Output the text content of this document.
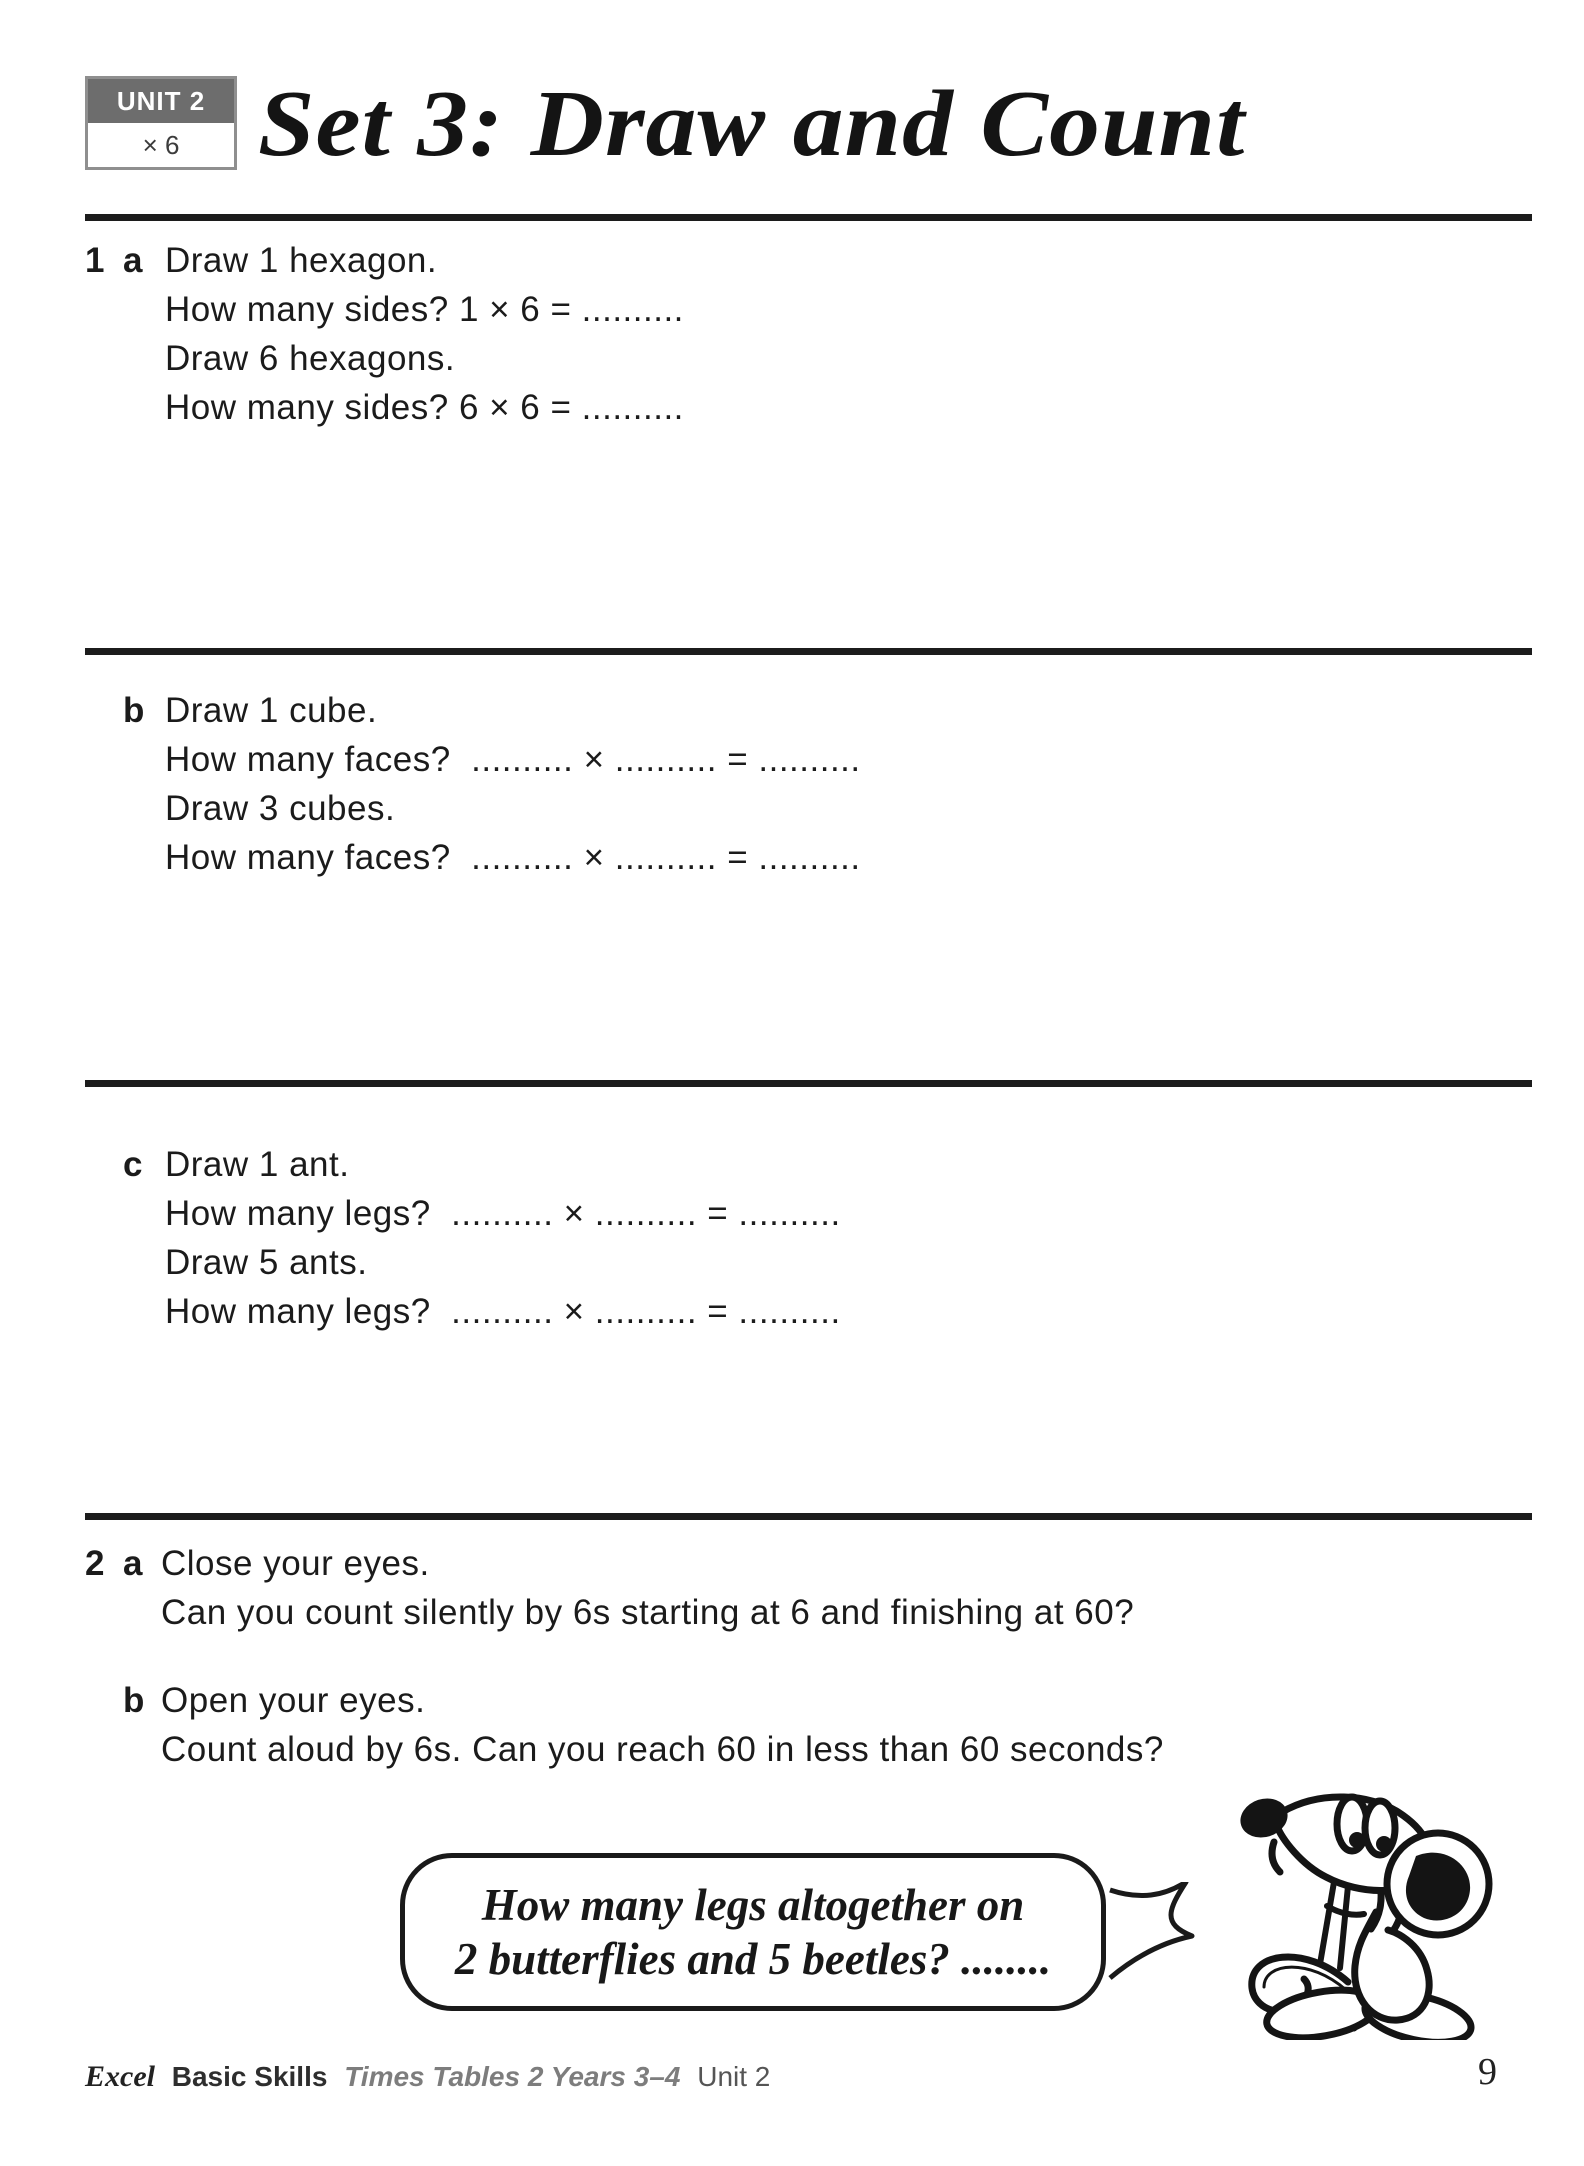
UNIT 2
× 6 Set 3: Draw and Count
1 a Draw 1 hexagon.
How many sides? 1 × 6 = ..........
Draw 6 hexagons.
How many sides? 6 × 6 = ..........
b Draw 1 cube.
How many faces?  .......... × .......... = ..........
Draw 3 cubes.
How many faces?  .......... × .......... = ..........
c Draw 1 ant.
How many legs?  .......... × .......... = ..........
Draw 5 ants.
How many legs?  .......... × .......... = ..........
2 a Close your eyes.
Can you count silently by 6s starting at 6 and finishing at 60?
b Open your eyes.
Count aloud by 6s. Can you reach 60 in less than 60 seconds?
How many legs altogether on
2 butterflies and 5 beetles? ........
Excel Basic Skills Times Tables 2 Years 3–4 Unit 2	9
